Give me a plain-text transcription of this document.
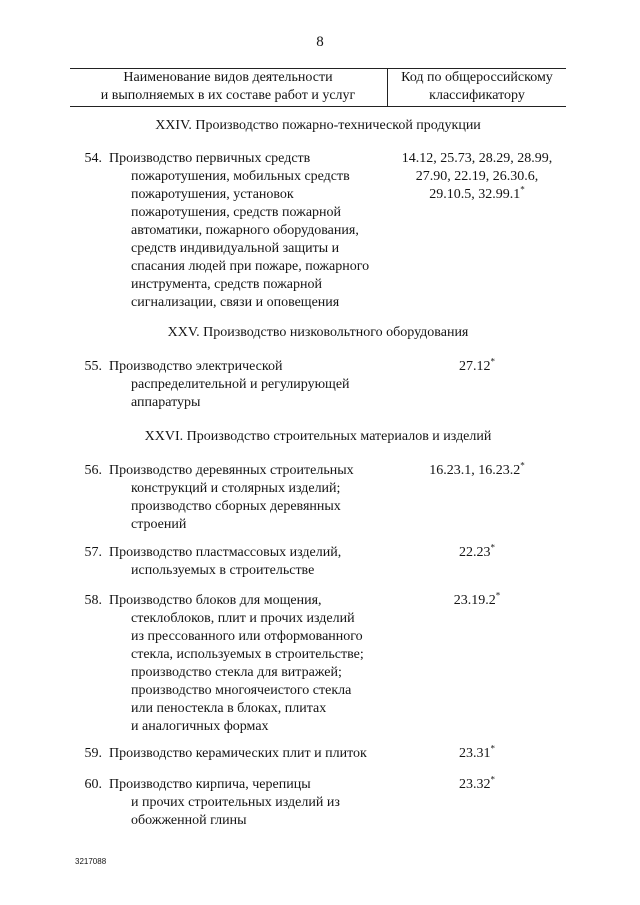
8
Наименование видов деятельности
и выполняемых в их составе работ и услуг
Код по общероссийскому
классификатору
XXIV. Производство пожарно-технической продукции
54. Производство первичных средств
пожаротушения, мобильных средств
пожаротушения, установок
пожаротушения, средств пожарной
автоматики, пожарного оборудования,
средств индивидуальной защиты и
спасания людей при пожаре, пожарного
инструмента, средств пожарной
сигнализации, связи и оповещения
14.12, 25.73, 28.29, 28.99,
27.90, 22.19, 26.30.6,
29.10.5, 32.99.1*
XXV. Производство низковольтного оборудования
55. Производство электрической
распределительной и регулирующей
аппаратуры
27.12*
XXVI. Производство строительных материалов и изделий
56. Производство деревянных строительных
конструкций и столярных изделий;
производство сборных деревянных
строений
16.23.1, 16.23.2*
57. Производство пластмассовых изделий,
используемых в строительстве
22.23*
58. Производство блоков для мощения,
стеклоблоков, плит и прочих изделий
из прессованного или отформованного
стекла, используемых в строительстве;
производство стекла для витражей;
производство многоячеистого стекла
или пеностекла в блоках, плитах
и аналогичных формах
23.19.2*
59. Производство керамических плит и плиток	23.31*
60. Производство кирпича, черепицы
и прочих строительных изделий из
обожженной глины
23.32*
3217088
